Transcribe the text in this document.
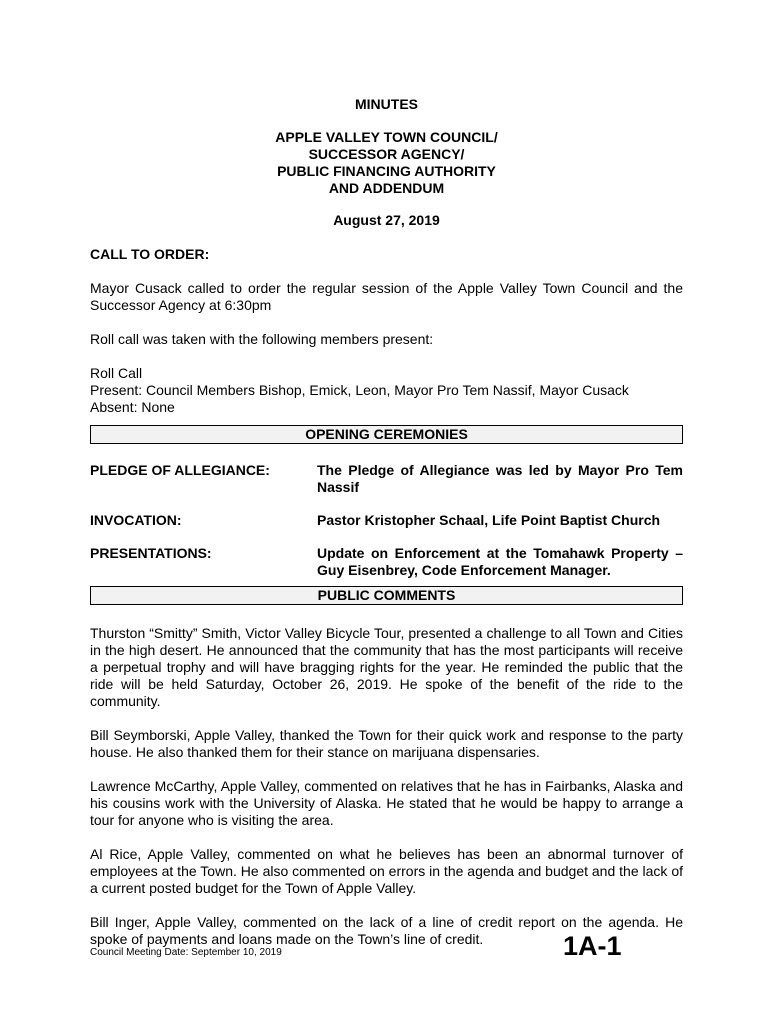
MINUTES
APPLE VALLEY TOWN COUNCIL/
SUCCESSOR AGENCY/
PUBLIC FINANCING AUTHORITY
AND ADDENDUM
August 27, 2019
CALL TO ORDER:

Mayor Cusack called to order the regular session of the Apple Valley Town Council and the Successor Agency at 6:30pm

Roll call was taken with the following members present:

Roll Call
Present: Council Members Bishop, Emick, Leon, Mayor Pro Tem Nassif, Mayor Cusack
Absent: None
OPENING CEREMONIES
PLEDGE OF ALLEGIANCE:	The Pledge of Allegiance was led by Mayor Pro Tem Nassif
INVOCATION:	Pastor Kristopher Schaal, Life Point Baptist Church
PRESENTATIONS:	Update on Enforcement at the Tomahawk Property – Guy Eisenbrey, Code Enforcement Manager.
PUBLIC COMMENTS

Thurston “Smitty” Smith, Victor Valley Bicycle Tour, presented a challenge to all Town and Cities in the high desert. He announced that the community that has the most participants will receive a perpetual trophy and will have bragging rights for the year. He reminded the public that the ride will be held Saturday, October 26, 2019. He spoke of the benefit of the ride to the community.

Bill Seymborski, Apple Valley, thanked the Town for their quick work and response to the party house. He also thanked them for their stance on marijuana dispensaries.

Lawrence McCarthy, Apple Valley, commented on relatives that he has in Fairbanks, Alaska and his cousins work with the University of Alaska. He stated that he would be happy to arrange a tour for anyone who is visiting the area.

Al Rice, Apple Valley, commented on what he believes has been an abnormal turnover of employees at the Town. He also commented on errors in the agenda and budget and the lack of a current posted budget for the Town of Apple Valley.

Bill Inger, Apple Valley, commented on the lack of a line of credit report on the agenda. He spoke of payments and loans made on the Town’s line of credit.

Council Meeting Date: September 10, 2019	1A-1
